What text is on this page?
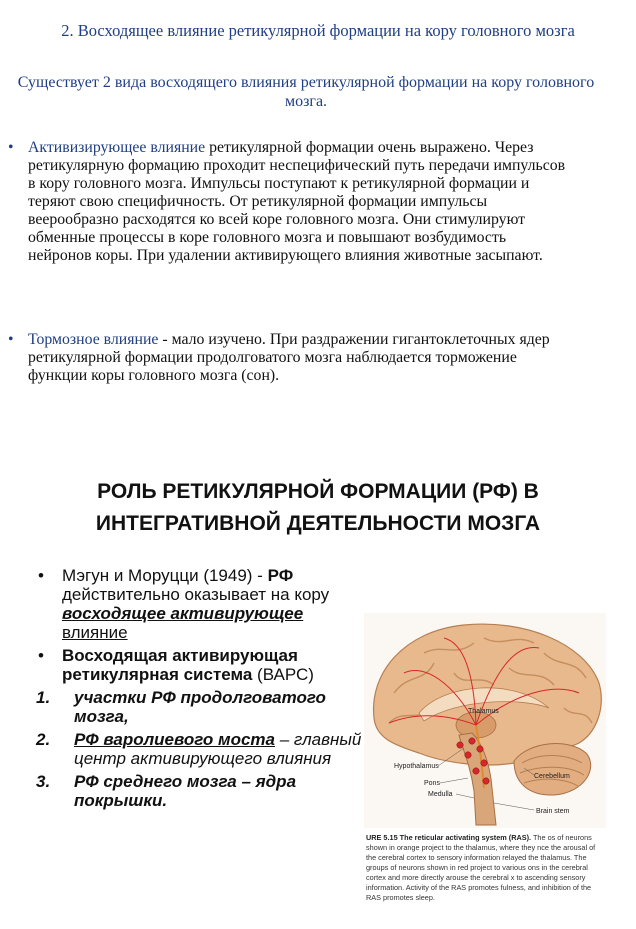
2. Восходящее влияние ретикулярной формации на кору головного мозга
Существует 2 вида восходящего влияния ретикулярной формации на кору головного мозга.
• Активизирующее влияние ретикулярной формации очень выражено. Через ретикулярную формацию проходит неспецифический путь передачи импульсов в кору головного мозга. Импульсы поступают к ретикулярной формации и теряют свою специфичность. От ретикулярной формации импульсы веерообразно расходятся ко всей коре головного мозга. Они стимулируют обменные процессы в коре головного мозга и повышают возбудимость нейронов коры. При удалении активирующего влияния животные засыпают.
• Тормозное влияние - мало изучено. При раздражении гигантоклеточных ядер ретикулярной формации продолговатого мозга наблюдается торможение функции коры головного мозга (сон).
РОЛЬ РЕТИКУЛЯРНОЙ ФОРМАЦИИ (РФ) В ИНТЕГРАТИВНОЙ ДЕЯТЕЛЬНОСТИ МОЗГА
• Мэгун и Моруцци (1949) - РФ действительно оказывает на кору восходящее активирующее влияние
• Восходящая активирующая ретикулярная система (ВАРС)
1. участки РФ продолговатого мозга,
2. РФ варолиевого моста – главный центр активирующего влияния
3. РФ среднего мозга – ядра покрышки.
Thalamus
Hypothalamus
Pons
Medulla
Cerebellum
Brain stem
URE 5.15 The reticular activating system (RAS). The os of neurons shown in orange project to the thalamus, where they nce the arousal of the cerebral cortex to sensory information relayed the thalamus. The groups of neurons shown in red project to various ons in the cerebral cortex and more directly arouse the cerebral x to ascending sensory information. Activity of the RAS promotes fulness, and inhibition of the RAS promotes sleep.
